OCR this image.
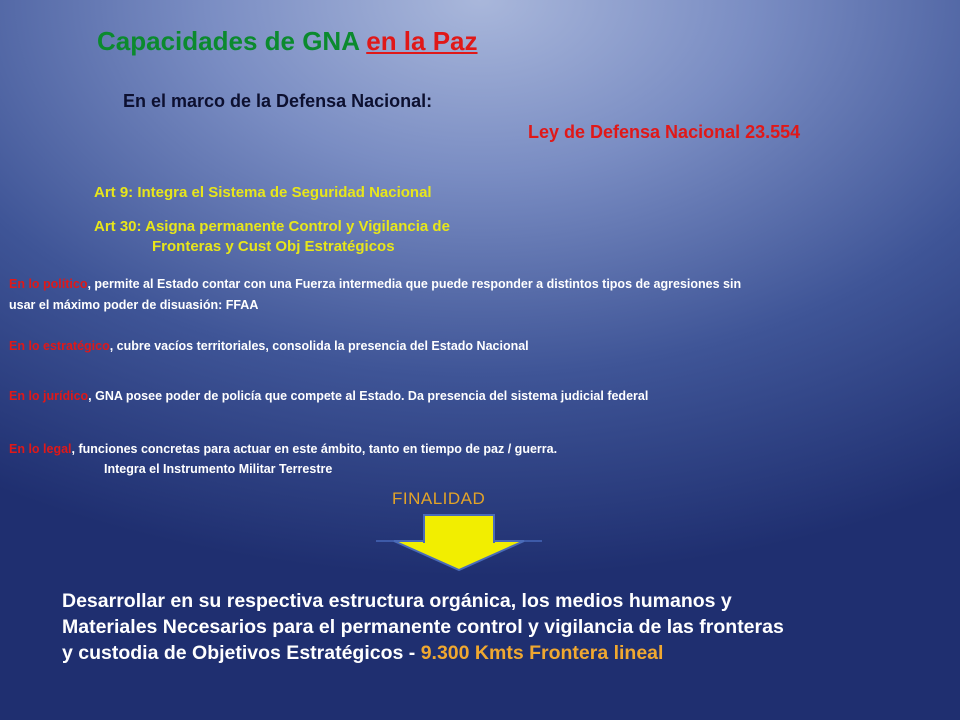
Capacidades de GNA en la Paz
En el marco de la Defensa Nacional:
Ley de Defensa Nacional 23.554
Art 9: Integra el Sistema de Seguridad Nacional
Art 30: Asigna permanente Control y Vigilancia de
Fronteras y Cust Obj Estratégicos
En lo político, permite al Estado contar con una Fuerza intermedia que puede responder a distintos tipos de agresiones sin
usar el máximo poder de disuasión: FFAA
En lo estratégico, cubre vacíos territoriales, consolida la presencia del Estado Nacional
En lo jurídico, GNA posee poder de policía que compete al Estado. Da presencia del sistema judicial federal
En lo legal, funciones concretas para actuar en este ámbito, tanto en tiempo de paz / guerra.
Integra el Instrumento Militar Terrestre
FINALIDAD
Desarrollar en su respectiva estructura orgánica, los medios humanos y
Materiales Necesarios para el permanente control y vigilancia de las fronteras
y custodia de Objetivos Estratégicos - 9.300 Kmts Frontera lineal
